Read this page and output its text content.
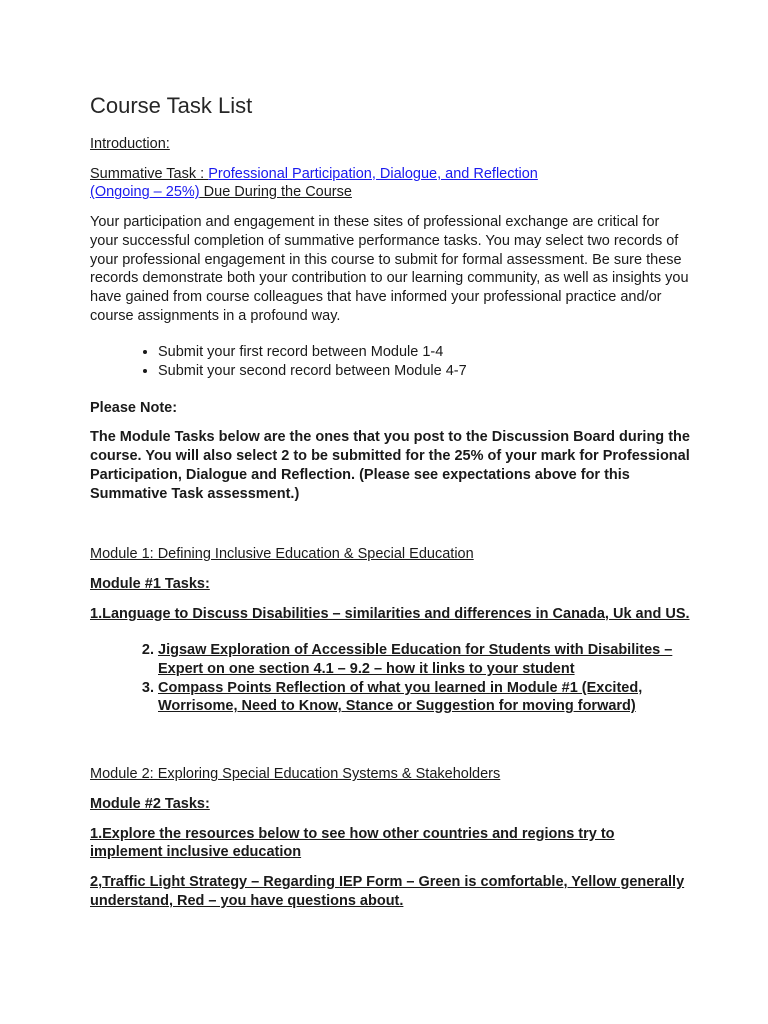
Course Task List

Introduction:

Summative Task : Professional Participation, Dialogue, and Reflection
(Ongoing – 25%) Due During the Course

Your participation and engagement in these sites of professional exchange are critical for your successful completion of summative performance tasks. You may select two records of your professional engagement in this course to submit for formal assessment. Be sure these records demonstrate both your contribution to our learning community, as well as insights you have gained from course colleagues that have informed your professional practice and/or course assignments in a profound way.

• Submit your first record between Module 1-4
• Submit your second record between Module 4-7

Please Note:

The Module Tasks below are the ones that you post to the Discussion Board during the course. You will also select 2 to be submitted for the 25% of your mark for Professional Participation, Dialogue and Reflection. (Please see expectations above for this Summative Task assessment.)

Module 1: Defining Inclusive Education & Special Education

Module #1 Tasks:

1.Language to Discuss Disabilities – similarities and differences in Canada, Uk and US.

2. Jigsaw Exploration of Accessible Education for Students with Disabilites – Expert on one section 4.1 – 9.2 – how it links to your student
3. Compass Points Reflection of what you learned in Module #1 (Excited, Worrisome, Need to Know, Stance or Suggestion for moving forward)

Module 2: Exploring Special Education Systems & Stakeholders

Module #2 Tasks:

1.Explore the resources below to see how other countries and regions try to implement inclusive education

2,Traffic Light Strategy – Regarding IEP Form – Green is comfortable, Yellow generally understand, Red – you have questions about.
